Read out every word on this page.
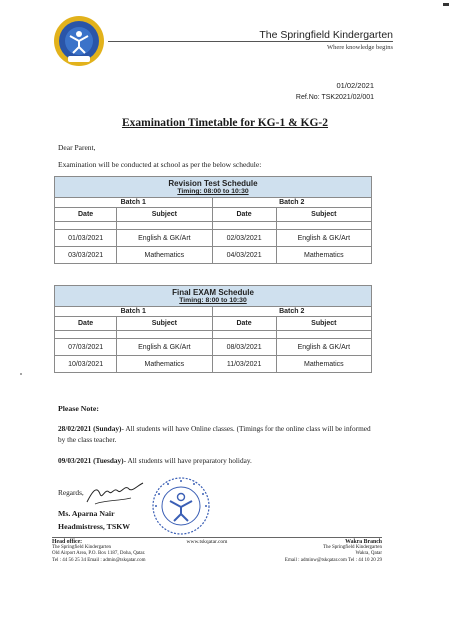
The Springfield Kindergarten
Where knowledge begins
01/02/2021
Ref.No: TSK2021/02/001
Examination Timetable for KG-1 & KG-2
Dear Parent,
Examination will be conducted at school as per the below schedule:
Revision Test Schedule
Timing: 08:00 to 10:30			

Batch 1		Batch 2	
Date	Subject	Date	Subject

01/03/2021	English & GK/Art	02/03/2021	English & GK/Art
03/03/2021	Mathematics	04/03/2021	Mathematics
Final EXAM Schedule
Timing: 8:00 to 10:30			

Batch 1		Batch 2	
Date	Subject	Date	Subject

07/03/2021	English & GK/Art	08/03/2021	English & GK/Art
10/03/2021	Mathematics	11/03/2021	Mathematics
Please Note:
28/02/2021 (Sunday)- All students will have Online classes. (Timings for the online class will be informed by the class teacher.
09/03/2021 (Tuesday)- All students will have preparatory holiday.
Regards,
Ms. Aparna Nair
Headmistress, TSKW
Head office:
The Springfield Kindergarten
Old Airport Area, P.O. Box 1187, Doha, Qatar.
Tel : 44 56 25 34 Email : admin@tskqatar.com
www.tskqatar.com	Wakra Branch
The Springfield Kindergarten
Wakra, Qatar
Email : adminw@tskqatar.com Tel : 44 10 20 29
